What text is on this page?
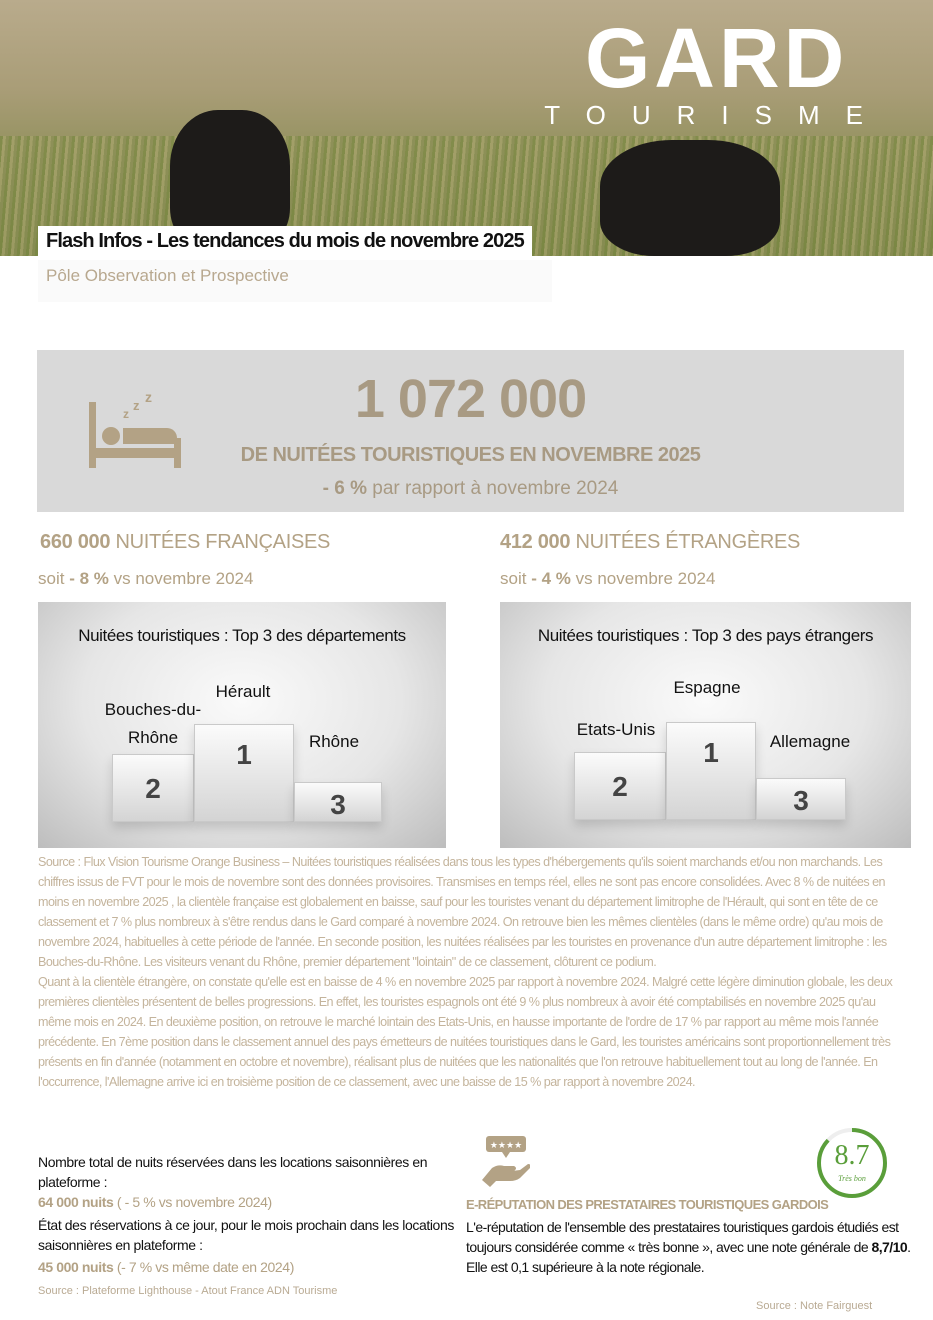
GARD
TOURISME
Flash Infos - Les tendances du mois de novembre 2025
Pôle Observation et Prospective
z
z
z	1 072 000
DE NUITÉES TOURISTIQUES EN NOVEMBRE 2025
- 6 % par rapport à novembre 2024
660 000 NUITÉES FRANÇAISES
soit - 8 % vs novembre 2024
412 000 NUITÉES ÉTRANGÈRES
soit - 4 % vs novembre 2024
Nuitées touristiques : Top 3 des départements
Bouches-du-Rhône
Hérault
Rhône
2
1
3
Nuitées touristiques : Top 3 des pays étrangers
Etats-Unis
Espagne
Allemagne
2
1
3

Source : Flux Vision Tourisme Orange Business – Nuitées touristiques réalisées dans tous les types d'hébergements qu'ils soient marchands et/ou non marchands. Les chiffres issus de FVT pour le mois de novembre sont des données provisoires. Transmises en temps réel, elles ne sont pas encore consolidées. Avec 8 % de nuitées en moins en novembre 2025 , la clientèle française est globalement en baisse, sauf pour les touristes venant du département limitrophe de l'Hérault, qui sont en tête de ce classement et 7 % plus nombreux à s'être rendus dans le Gard comparé à novembre 2024. On retrouve bien les mêmes clientèles (dans le même ordre) qu'au mois de novembre 2024, habituelles à cette période de l'année. En seconde position, les nuitées réalisées par les touristes en provenance d'un autre département limitrophe : les Bouches-du-Rhône. Les visiteurs venant du Rhône, premier département "lointain" de ce classement, clôturent ce podium.

Quant à la clientèle étrangère, on constate qu'elle est en baisse de 4 % en novembre 2025 par rapport à novembre 2024. Malgré cette légère diminution globale, les deux premières clientèles présentent de belles progressions. En effet, les touristes espagnols ont été 9 % plus nombreux à avoir été comptabilisés en novembre 2025 qu'au même mois en 2024. En deuxième position, on retrouve le marché lointain des Etats-Unis, en hausse importante de l'ordre de 17 % par rapport au même mois l'année précédente. En 7ème position dans le classement annuel des pays émetteurs de nuitées touristiques dans le Gard, les touristes américains sont proportionnellement très présents en fin d'année (notamment en octobre et novembre), réalisant plus de nuitées que les nationalités que l'on retrouve habituellement tout au long de l'année. En l'occurrence, l'Allemagne arrive ici en troisième position de ce classement, avec une baisse de 15 % par rapport à novembre 2024.

Nombre total de nuits réservées dans les locations saisonnières en plateforme :
64 000 nuits ( - 5 % vs novembre 2024)
État des réservations à ce jour, pour le mois prochain dans les locations saisonnières en plateforme :
45 000 nuits (- 7 % vs même date en 2024)
Source : Plateforme Lighthouse - Atout France ADN Tourisme
★★★★
E-RÉPUTATION DES PRESTATAIRES TOURISTIQUES GARDOIS
L'e-réputation de l'ensemble des prestataires touristiques gardois étudiés est toujours considérée comme « très bonne », avec une note générale de 8,7/10. Elle est 0,1 supérieure à la note régionale.
8.7
Très bon
Source : Note Fairguest
